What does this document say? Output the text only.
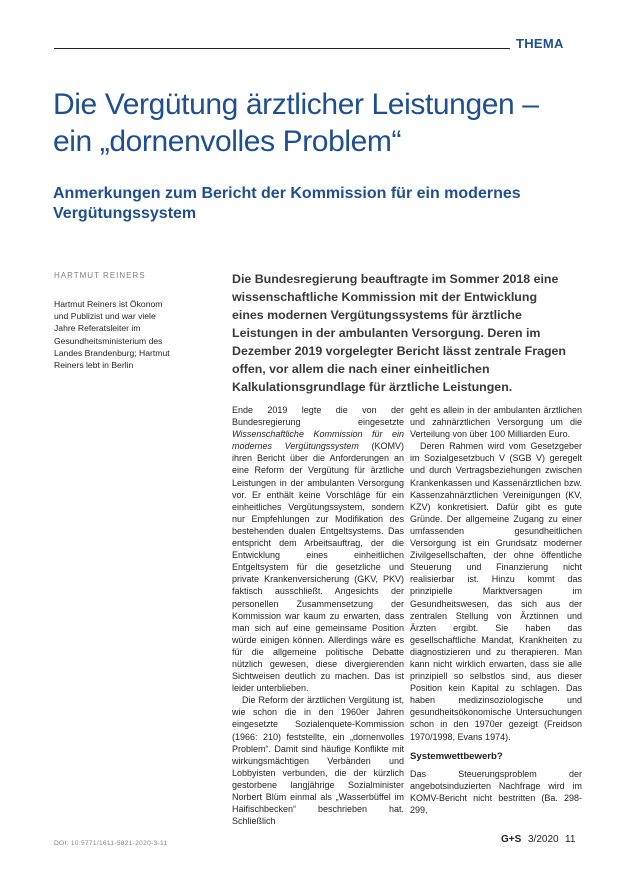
THEMA
Die Vergütung ärztlicher Leistungen –
ein „dornenvolles Problem“
Anmerkungen zum Bericht der Kommission für ein modernes Vergütungssystem
HARTMUT REINERS

Hartmut Reiners ist Ökonom und Publizist und war viele Jahre Referatsleiter im Gesundheitsministerium des Landes Brandenburg; Hartmut Reiners lebt in Berlin

Die Bundesregierung beauftragte im Sommer 2018 eine wissenschaftliche Kommission mit der Entwicklung eines modernen Vergütungssystems für ärztliche Leistungen in der ambulanten Versorgung. Deren im Dezember 2019 vorgelegter Bericht lässt zentrale Fragen offen, vor allem die nach einer einheitlichen Kalkulationsgrundlage für ärztliche Leistungen.

Ende 2019 legte die von der Bundesregierung eingesetzte Wissenschaftliche Kommission für ein modernes Vergütungssystem (KOMV) ihren Bericht über die Anforderungen an eine Reform der Vergütung für ärztliche Leistungen in der ambulanten Versorgung vor. Er enthält keine Vorschläge für ein einheitliches Vergütungssystem, sondern nur Empfehlungen zur Modifikation des bestehenden dualen Entgeltsystems. Das entspricht dem Arbeitsauftrag, der die Entwicklung eines einheitlichen Entgeltsystem für die gesetzliche und private Krankenversicherung (GKV, PKV) faktisch ausschließt. Angesichts der personellen Zusammensetzung der Kommission war kaum zu erwarten, dass man sich auf eine gemeinsame Position würde einigen können. Allerdings wäre es für die allgemeine politische Debatte nützlich gewesen, diese divergierenden Sichtweisen deutlich zu machen. Das ist leider unterblieben.

Die Reform der ärztlichen Vergütung ist, wie schon die in den 1960er Jahren eingesetzte Sozialenquete-Kommission (1966: 210) feststellte, ein „dornenvolles Problem“. Damit sind häufige Konflikte mit wirkungsmächtigen Verbänden und Lobbyisten verbunden, die der kürzlich gestorbene langjährige Sozialminister Norbert Blüm einmal als „Wasserbüffel im Haifischbecken“ beschrieben hat. Schließlich

geht es allein in der ambulanten ärztlichen und zahnärztlichen Versorgung um die Verteilung von über 100 Milliarden Euro.

Deren Rahmen wird vom Gesetzgeber im Sozialgesetzbuch V (SGB V) geregelt und durch Vertragsbeziehungen zwischen Krankenkassen und Kassenärztlichen bzw. Kassenzahnärztlichen Vereinigungen (KV, KZV) konkretisiert. Dafür gibt es gute Gründe. Der allgemeine Zugang zu einer umfassenden gesundheitlichen Versorgung ist ein Grundsatz moderner Zivilgesellschaften, der ohne öffentliche Steuerung und Finanzierung nicht realisierbar ist. Hinzu kommt das prinzipielle Marktversagen im Gesundheitswesen, das sich aus der zentralen Stellung von Ärztinnen und Ärzten ergibt. Sie haben das gesellschaftliche Mandat, Krankheiten zu diagnostizieren und zu therapieren. Man kann nicht wirklich erwarten, dass sie alle prinzipiell so selbstlos sind, aus dieser Position kein Kapital zu schlagen. Das haben medizinsoziologische und gesundheitsökonomische Untersuchungen schon in den 1970er gezeigt (Freidson 1970/1998, Evans 1974).

Systemwettbewerb?

Das Steuerungsproblem der angebotsinduzierten Nachfrage wird im KOMV-Bericht nicht bestritten (Ba. 298-299,

DOI: 10.5771/1611-5821-2020-3-11	G+S 3/2020 11
